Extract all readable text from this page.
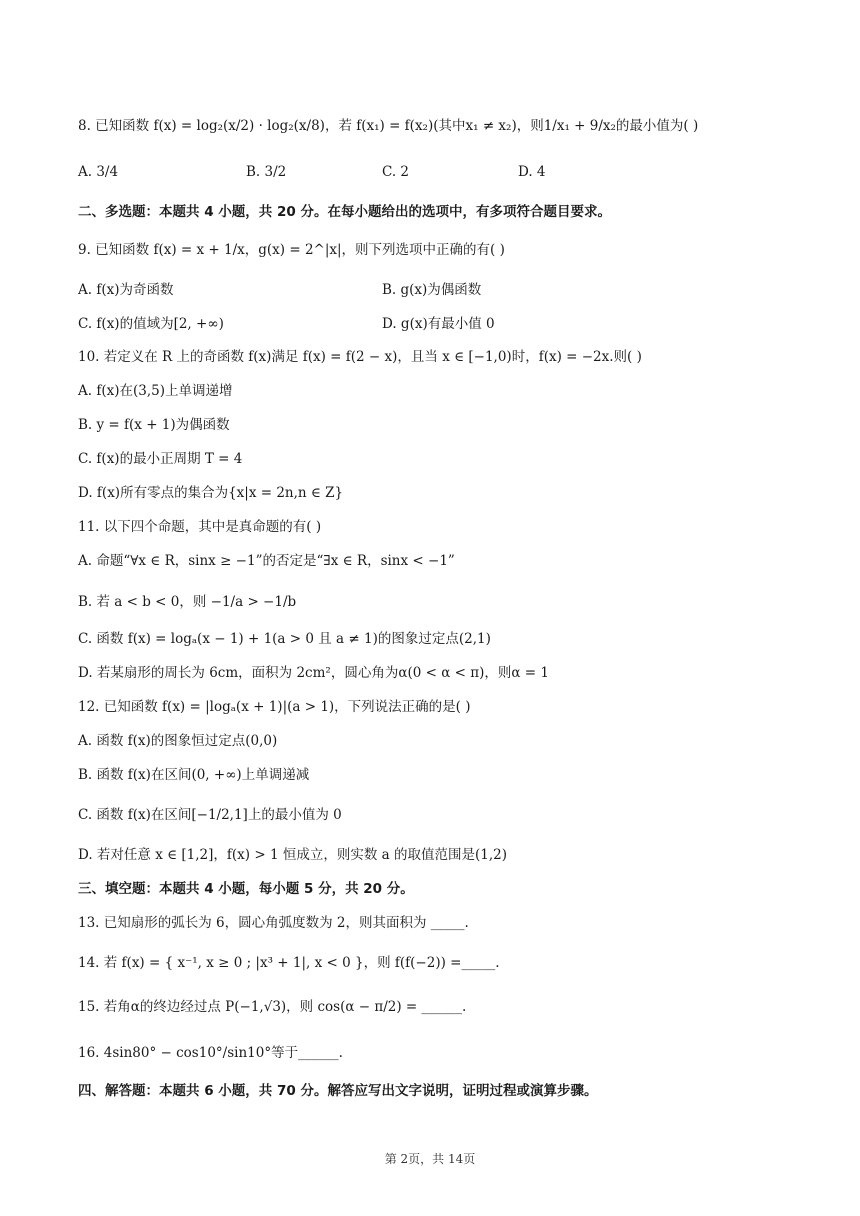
8. 已知函数 f(x) = log₂(x/2) · log₂(x/8)，若 f(x₁) = f(x₂)(其中x₁ ≠ x₂)，则1/x₁ + 9/x₂的最小值为( )
A. 3/4	B. 3/2	C. 2	D. 4
二、多选题：本题共 4 小题，共 20 分。在每小题给出的选项中，有多项符合题目要求。
9. 已知函数 f(x) = x + 1/x，g(x) = 2^|x|，则下列选项中正确的有( )
A. f(x)为奇函数	B. g(x)为偶函数
C. f(x)的值域为[2, +∞)	D. g(x)有最小值 0
10. 若定义在 R 上的奇函数 f(x)满足 f(x) = f(2 − x)，且当 x ∈ [−1,0)时，f(x) = −2x.则( )
A. f(x)在(3,5)上单调递增
B. y = f(x + 1)为偶函数
C. f(x)的最小正周期 T = 4
D. f(x)所有零点的集合为{x|x = 2n,n ∈ Z}
11. 以下四个命题，其中是真命题的有( )
A. 命题“∀x ∈ R，sinx ≥ −1”的否定是“∃x ∈ R，sinx < −1”
B. 若 a < b < 0，则 −1/a > −1/b
C. 函数 f(x) = logₐ(x − 1) + 1(a > 0 且 a ≠ 1)的图象过定点(2,1)
D. 若某扇形的周长为 6cm，面积为 2cm²，圆心角为α(0 < α < π)，则α = 1
12. 已知函数 f(x) = |logₐ(x + 1)|(a > 1)，下列说法正确的是( )
A. 函数 f(x)的图象恒过定点(0,0)
B. 函数 f(x)在区间(0, +∞)上单调递减
C. 函数 f(x)在区间[−1/2,1]上的最小值为 0
D. 若对任意 x ∈ [1,2]，f(x) > 1 恒成立，则实数 a 的取值范围是(1,2)
三、填空题：本题共 4 小题，每小题 5 分，共 20 分。
13. 已知扇形的弧长为 6，圆心角弧度数为 2，则其面积为 _____.
14. 若 f(x) = { x⁻¹, x ≥ 0 ; |x³ + 1|, x < 0 }，则 f(f(−2)) =_____.
15. 若角α的终边经过点 P(−1,√3)，则 cos(α − π/2) = ______.
16. 4sin80° − cos10°/sin10°等于______.
四、解答题：本题共 6 小题，共 70 分。解答应写出文字说明，证明过程或演算步骤。
第 2页，共 14页
